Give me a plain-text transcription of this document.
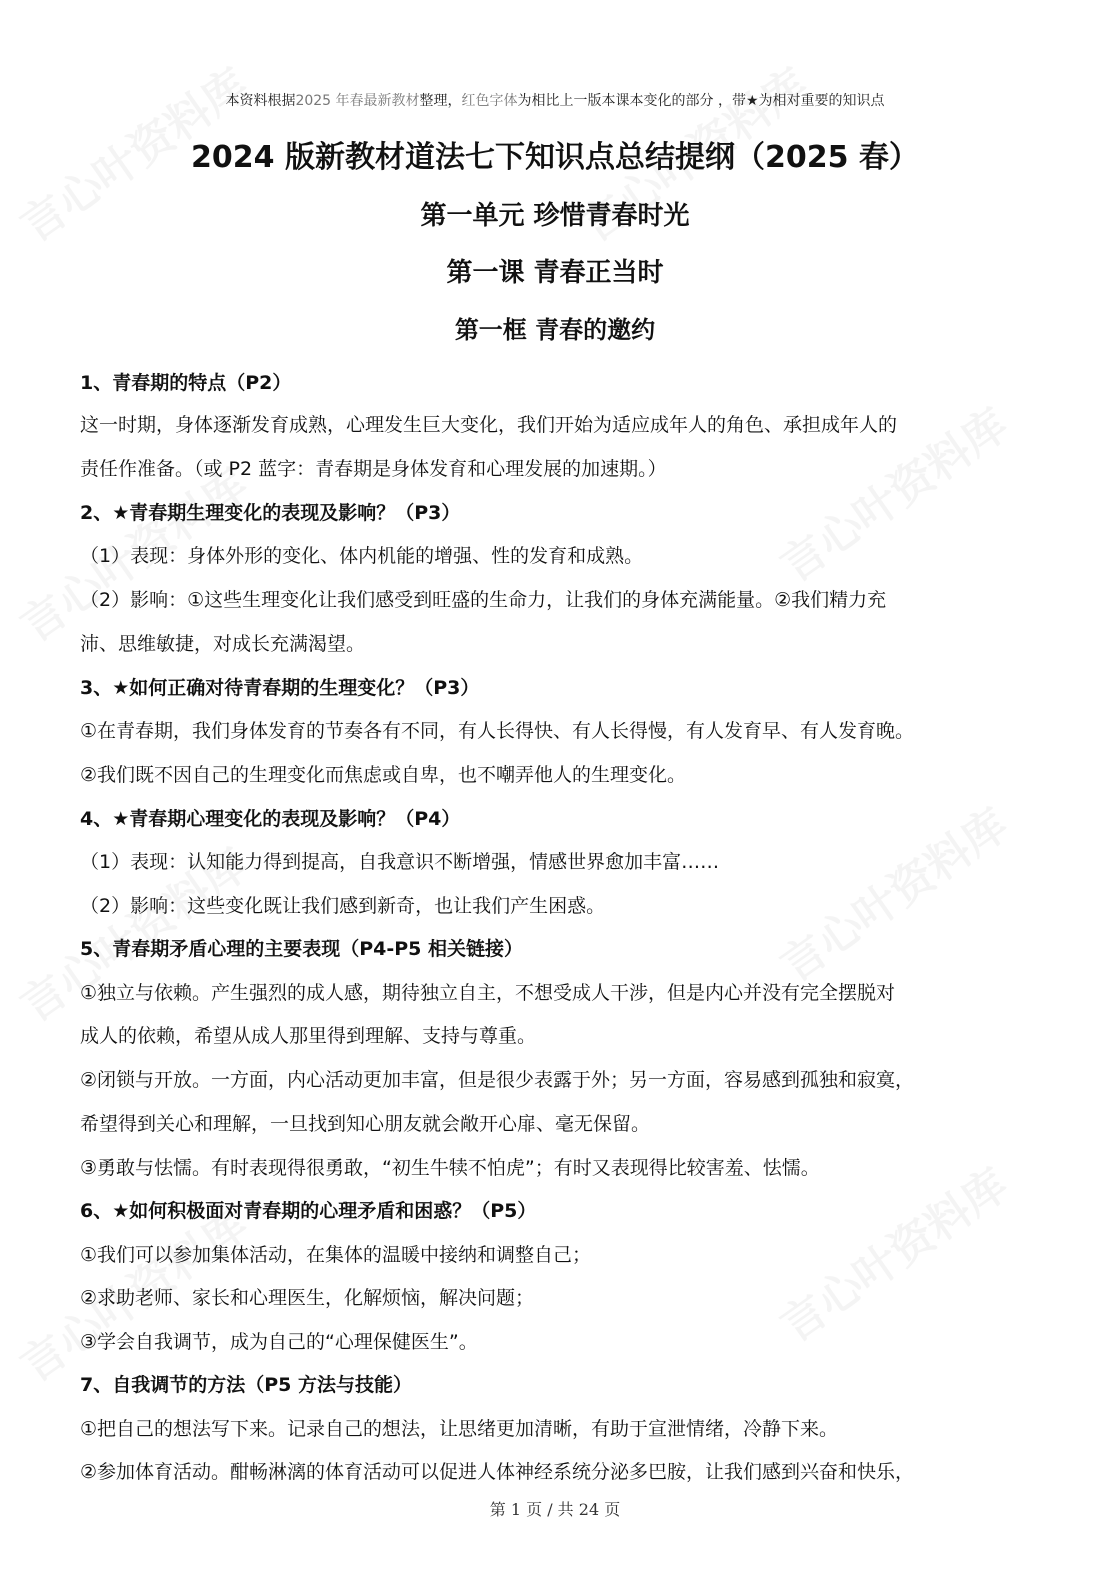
本资料根据2025 年春最新教材整理，红色字体为相比上一版本课本变化的部分 ，带★为相对重要的知识点
2024 版新教材道法七下知识点总结提纲（2025 春）
第一单元 珍惜青春时光
第一课 青春正当时
第一框 青春的邀约
1、青春期的特点（P2）
这一时期，身体逐渐发育成熟，心理发生巨大变化，我们开始为适应成年人的角色、承担成年人的
责任作准备。（或 P2 蓝字：青春期是身体发育和心理发展的加速期。）
2、★青春期生理变化的表现及影响？（P3）
（1）表现：身体外形的变化、体内机能的增强、性的发育和成熟。
（2）影响：①这些生理变化让我们感受到旺盛的生命力，让我们的身体充满能量。②我们精力充
沛、思维敏捷，对成长充满渴望。
3、★如何正确对待青春期的生理变化？（P3）
①在青春期，我们身体发育的节奏各有不同，有人长得快、有人长得慢，有人发育早、有人发育晚。
②我们既不因自己的生理变化而焦虑或自卑，也不嘲弄他人的生理变化。
4、★青春期心理变化的表现及影响？（P4）
（1）表现：认知能力得到提高，自我意识不断增强，情感世界愈加丰富……
（2）影响：这些变化既让我们感到新奇，也让我们产生困惑。
5、青春期矛盾心理的主要表现（P4-P5 相关链接）
①独立与依赖。产生强烈的成人感，期待独立自主，不想受成人干涉，但是内心并没有完全摆脱对
成人的依赖，希望从成人那里得到理解、支持与尊重。
②闭锁与开放。一方面，内心活动更加丰富，但是很少表露于外；另一方面，容易感到孤独和寂寞，
希望得到关心和理解，一旦找到知心朋友就会敞开心扉、毫无保留。
③勇敢与怯懦。有时表现得很勇敢，“初生牛犊不怕虎”；有时又表现得比较害羞、怯懦。
6、★如何积极面对青春期的心理矛盾和困惑？（P5）
①我们可以参加集体活动，在集体的温暖中接纳和调整自己；
②求助老师、家长和心理医生，化解烦恼，解决问题；
③学会自我调节，成为自己的“心理保健医生”。
7、自我调节的方法（P5 方法与技能）
①把自己的想法写下来。记录自己的想法，让思绪更加清晰，有助于宣泄情绪，冷静下来。
②参加体育活动。酣畅淋漓的体育活动可以促进人体神经系统分泌多巴胺，让我们感到兴奋和快乐，
第 1 页 / 共 24 页
